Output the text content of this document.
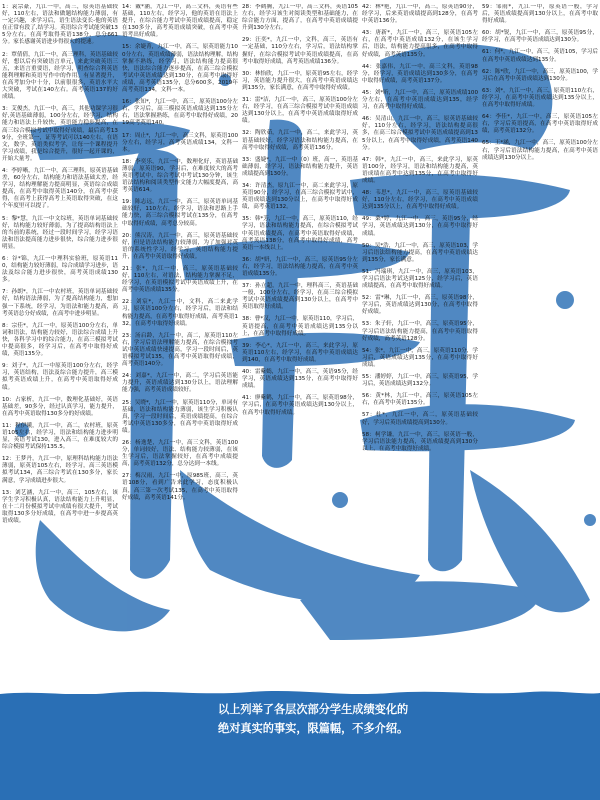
1：袁宗豪，九江一中，高三，原英语基础较好，110左右，语法和做题结构能力薄弱，有一定兴趣，求学习后，语生语法变长-他的英语在正常有段了,结学习。英语综合考试能突破135分左右。在高考取得英语138分，总分661分。家长感谢英语进步得很大的提速。

2：覃倩倩，九江一中，高三理科，英语基础较好，想以后有突破语言单元，来此突破英语三五，来语言重要语，经学习，明查综合利英语能利理解和英语写作中的作用。有显著提升，在高考加分中十分，以前很很多，英语水平大大突破，考试在140左右。高考英语137的好成绩。

3：艾俊杰，九江一中，高三，其他功课学习很好,英语基础薄弱，100分左右，经学习，结构能力和语法上升较快，英语能力稳步提高，在高三综合模拟考试中取得好成绩，最后高考139分，全班第一，证等考试可以140左右，在语文，数学，英语类似考学，让每一个课程提升学习成绩，我是综合提升，很好一起开课的，开始大量考。

4：李婷晰，九江一中，高三理科，原英语基础差，60分左右，结构能力和语法基础太差，经学习，结构理解能力提高明显，英语综合成绩提高，在高考中取得英语140分，在高考中获得，在高考上获得高考上英语取得突破，在这个年度里可以提了。

5：黎*慧，九江一中文综班，英语单词基础较好，结构能力较好薄弱，为了提高结构语法上的当前的系统，经过一段时间学习，经学习语法和语法提高能力进步很快，综合能力进步很明显。

6：谷*锦，九江一中理科实验班，原英语110，结构能力较好薄弱，综合成绩学习进步，语法及综合能力进步很快，高考英语成绩130多。

7：孙朗*，九江一中农村班，英语单词基础较好，结构语法薄弱，为了提高结构能力，想加强一下系统，经学习，为语法和能力提高，高考英语总分好成绩，在高考中进步明显。

8：宗佳*，九江一中，原英语100分左右，单词和语法，结构能力较好，语法综合成绩上升快，各科学习中的综合能力，在高三模拟考试中提高很多，经学习后，在高考中取得好成绩，英语135分。

9：刘子*，九江一中原英语100分左右，经学习，英语结构，语法及综合能力提升，高三模拟考英语成绩上升，在高考中英语取得好成绩。

10：占家析，九江一中，数理化基础好，英语基础差，90多分，经过认真学习，能力提升，在高考中英语取得130多分的好成绩。

11：程伊曦，九江一中，高二，农村班，原英语105左右，经学习，语法和结构能力进步明显，英语考试130，进入高三，在难度较大的综合模拟考试保持135.5。

12：王梦丹，九江一中，原理科结构能力语法薄弱，原英语105左右，经学习，高三英语模拟考试134，高三综合考试在130多分，家长满意，学习成绩进步很大。

13：刘艺涵，九江一中，高三，105左右，该学生学习积极认真，语法结构能力上升明显，在十二月份模拟考试中成绩有很大提升，考试取得130多分好成绩，在高考中进一步提高英语成绩。

14：戴*涵，九江一中，高三文科，英语有些基础，110左右，经学习，他的英语在语法上提升，在综合能力考试中英语成绩提高，稳定在130多分，高考英语成绩突破，在高考中英语考出好成绩。

15：余婕菁，九江一中，高三，原英语能力100分左右，英语成绩薄弱，语法结构理解，结构掌握不熟练，经学习，语法结构能力提高很快，语法综合能力逐步提高，在高三综合模拟考试中英语成绩达到130分，在高考中取得好成绩，高考英语135分，总分600多，2019年高考英语134，文科一本。

16：张知*，九江一中，高三，原英语100分左右，学习后，高三模拟英语成绩达到135分左右，语法掌握熟练，在高考中取得好成绩，2019高考英语140。

17：周止*，九江一中，高三文科，原英语100分左右，经学习，高考英语成绩134，文科一本。

18：李奕乐，九江一中，数理化好，英语基础薄弱，原英语90，学习后，在难度较大的高考英语考试中，综合考试中考试130分钟，该生语法结构和阅读类型作文能力大幅度提高，高考英语614。

19：陈志远，九江一中，高三，原英语单词基础较好，110左右，经学习，语法和思路上手能力快，高三综合模拟考试在135分，在高考中取得好成绩，高考总分较高。

20：熊汉涛，九江一中，高三，原英语基础较好，但是语法结构能力较薄弱，为了加强对英语的系统性学习，经学习，英语结构能力提升，在高考中英语取得好成绩。

21：张*，九江一中，高三，原英语基础较好，110左右，对语法，结构能力掌握不足，经学习，在英语模拟考试中英语成绩上升，在高考中英语成绩135分。

22：刘宸*，九江一中，文科，高二来此学习，原英语100分左右，经学习后，语法和结构能力提高，在高考中取得好成绩，高考英语132，在高考中取得好成绩。

23：汤启龄，九江一中，高二，原英语110左右，学习后语法理解能力提高，在综合模拟考试中英语成绩快速提高，学习一段时间后，英语模拟考试135，在高考中英语取得好成绩，高考英语140分。

24：刘嘉*，九江一中，高二，学习后英语能力提升，英语成绩达到130分以上，语法理解能力强，高考英语成绩较好。

25：吴晓*，九江一中，原英语110分，单词有基础，语法和结构能力薄弱，该生学习积极认真，学习一段时间后，英语成绩提高，在综合考试中英语130多分，在高考中英语取得好成绩。

26：杨逸楚，九江一中，高三文科，英语100分，单词较好，语法、结构能力较薄弱，在该生学习后，语法掌握较好，在高考中成绩提高，高考英语132分，总分达到一本线。

27：梅汉雨，九江一中，原985班，高三，英语108分，看到广告来此学习，态度积极认真，高三第一次考试135，在高考中英语取得好成绩，高考英语141分。

28：李鹤腾，九江一中，高三文科，英语105左右，经学习该生对阅读类型和基础能力，在综合能力方面，提高了，在高考中英语成绩提升到130分左右。

29：汪奕*，九江一中，文科，高三，英语有一定基础，110分左右，学习后，语法结构掌握好，在综合模拟考试中英语成绩提高，在高考中取得好成绩，高考英语成绩136分。

30：林怡欣，九江一中，原英语95左右，经学习，英语能力提升很大，在高考中英语成绩达到135分，家长满意，在高考中取得好成绩。

31：雷*洁，九江一中，高三，原英语100分左右，经学习，在高三综合模拟考试中英语成绩达到130分以上，在高考中英语成绩取得好成绩。

32：陶欣茹，九江一中，高二，来此学习，英语基础较好，经学习语法和结构能力提高，在高考中取得好成绩，高考英语136分。

33：盛婕*，九江一中（0）班，高一，英语基础薄弱，经学习，语法和结构能力提升，英语成绩提高到130分。

34：许清杰，原九江一中，高二来此学习，原英语90分，经学习，在高三综合模拟考试中，英语成绩达到130分以上，在高考中取得好成绩，高考英语132。

35：韩*芳，九江一中，高三，原英语110，经学习，语法和结构能力提高，在综合模拟考试中英语成绩提高，在高考中英语取得好成绩，高考英语138分，在高考中取得好成绩，高考英语一本线以上。

36：胡*妍，九江一中，高三，原英语95分左右，经学习，语法结构能力提高，在高考中英语成绩135分。

37：孙立超，九江一中，理科高三，英语基础一般，100分左右，经学习，在高三综合模拟考试中英语成绩提高到130分以上，在高考中英语取得好成绩。

38：曹*汉，九江一中，原英语110，学习后，英语提高，在高考中英语成绩达到135分以上，在高考中取得好成绩。

39：李心*，九江一中，高三，来此学习，原英语110左右，经学习，在高考中英语成绩达到140，在高考中取得好成绩。

40：雷紫嫣，九江一中，高三，英语95分，经学习，英语成绩达到135分，在高考中取得好成绩。

41：廖紫鹤，九江一中，高三，原英语98分，学习后，在高考中英语成绩达到130分以上，在高考中取得好成绩。

42：林*艳，九江一中，高三，原英语90分，经学习，后来英语成绩提高到128分，在高考中英语136分。

43：唐新*，九江一中，高三，原英语105左右，在高考中英语成绩132分，在该生学习后，语法，结构能力提高很多，在高考中取得好成绩，高考英语135分。

44：张嘉伟，九江一中，高三文科，英语98分，经学习，英语成绩达到130多分，在高考中取得好成绩，高考英语137分。

45：刘*昕，九江一中，高三，原英语成绩100分左右，在高考中英语成绩达到135，经学习，在高考中取得好成绩。

46：吴清山，九江一中，高三，原英语基础较好，110分左右，经学习，语法结构提高很多，在高三综合模拟考试中英语成绩提高到135分以上，在高考中取得好成绩，高考英语140分。

47：韩*，九江一中，高三，来此学习，原英语100分，经学习，语法和结构能力提高，英语成绩在高考中达到135分，在高考中取得好成绩。

48：韦思*，九江一中，高三，原英语基础较好，110分左右，经学习，在高考中英语成绩达到135分以上，在高考中取得好成绩。

49：桑*婷，九江一中，高三，英语95分，经学习，英语成绩达到130分，在高考中取得好成绩。

50：吴*浩，九江一中，高三，原英语103，学习后语法结构能力提高，在高考中英语成绩达到135分，家长满意。

51：冯瑞琪，九江一中，高三，原英语103，学习后语法考试达到125分，经学习后，英语成绩提高，在高考中取得好成绩。

52：雷*琳，九江一中，高三，原英语98分，学习后，英语成绩达到130分，在高考中取得好成绩。

53：朱子轩，九江一中，高三，原英语95分，学习后语法结构能力提高，在高考中英语取得好成绩，高考英语128分。

54：张*，九江一中，高三，原英语110分，学习后，英语成绩达到135分，在高考中取得好成绩。

55：潘婷婷，九江一中，高三，原英语95，学习后，英语成绩达到132分。

56：黄*林，九江一中，高三，原英语105左右，在高考中英语135分。

57：杜*，九江一中，高二，原英语基础较好，学习后英语成绩提高到130分。

58：柯学谦，九江一中，高三，原英语一般，学习后语法能力提高，英语成绩提高到130分以上，在高考中取得好成绩。

59：邹雨*，九江一中，原英语一般，学习后，英语成绩提高到130分以上，在高考中取得好成绩。

60：胡*锐，九江一中，高三，原英语95分，经学习，在高考中英语成绩达到130分。

61：何*，九江一中，高三，英语105，学习后在高考中英语成绩达到135分。

62：陈*欣，九江一中，高三，原英语100，学习后在高考中英语成绩达到130分。

63：刘*，九江一中，高三，原英语110左右，经学习，在高考中英语成绩达到135分以上，在高考中取得好成绩。

64：李佳*，九江一中，高三，原英语105左右，学习后英语提高，在高考中英语取得好成绩，高考英语132分。

65：王*涵，九江一中，高三，原英语100分左右，学习后语法结构能力提高，在高考中英语成绩达到130分以上。

以上列举了各层次部分学生成绩变化的
绝对真实的事实，限篇幅，不多介绍。
